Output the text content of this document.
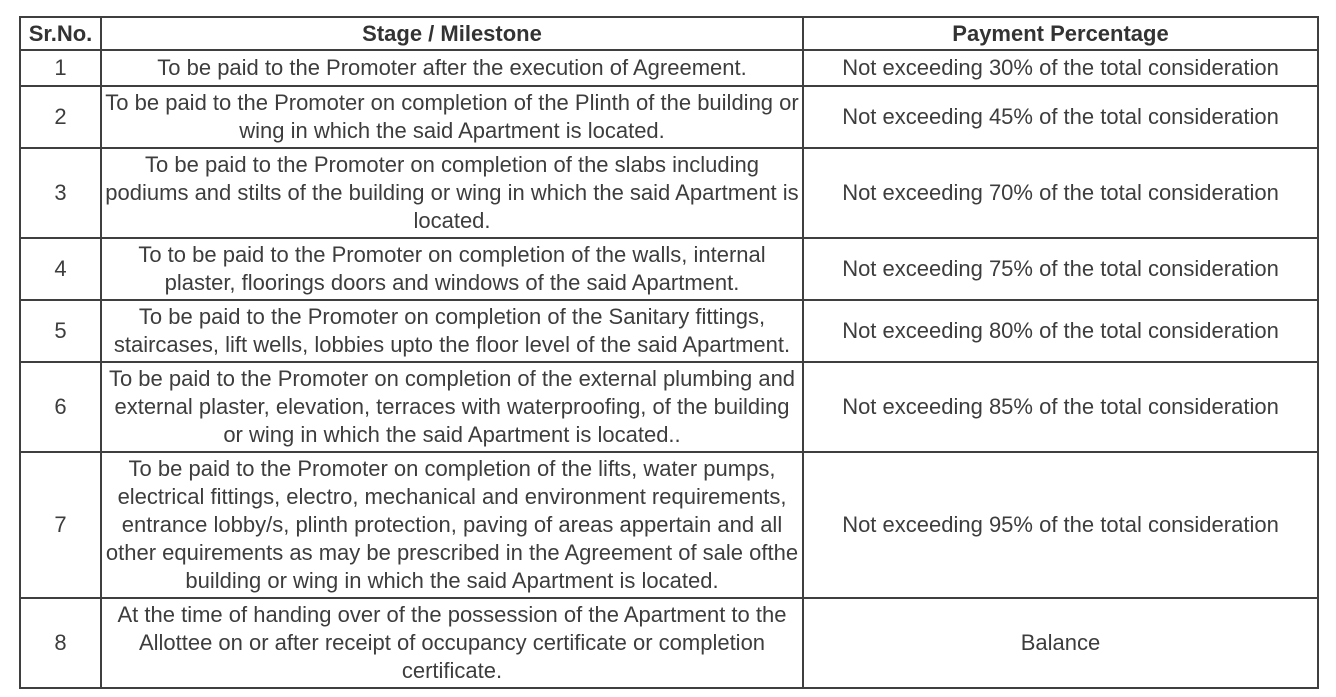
Sr.No.	Stage / Milestone	Payment Percentage
1	To be paid to the Promoter after the execution of Agreement.	Not exceeding 30% of the total consideration
2	To be paid to the Promoter on completion of the Plinth of the building or wing in which the said Apartment is located.	Not exceeding 45% of the total consideration
3	To be paid to the Promoter on completion of the slabs including podiums and stilts of the building or wing in which the said Apartment is located.	Not exceeding 70% of the total consideration
4	To to be paid to the Promoter on completion of the walls, internal plaster, floorings doors and windows of the said Apartment.	Not exceeding 75% of the total consideration
5	To be paid to the Promoter on completion of the Sanitary fittings, staircases, lift wells, lobbies upto the floor level of the said Apartment.	Not exceeding 80% of the total consideration
6	To be paid to the Promoter on completion of the external plumbing and external plaster, elevation, terraces with waterproofing, of the building or wing in which the said Apartment is located..	Not exceeding 85% of the total consideration
7	To be paid to the Promoter on completion of the lifts, water pumps, electrical fittings, electro, mechanical and environment requirements, entrance lobby/s, plinth protection, paving of areas appertain and all other equirements as may be prescribed in the Agreement of sale ofthe building or wing in which the said Apartment is located.	Not exceeding 95% of the total consideration
8	At the time of handing over of the possession of the Apartment to the Allottee on or after receipt of occupancy certificate or completion certificate.	Balance
